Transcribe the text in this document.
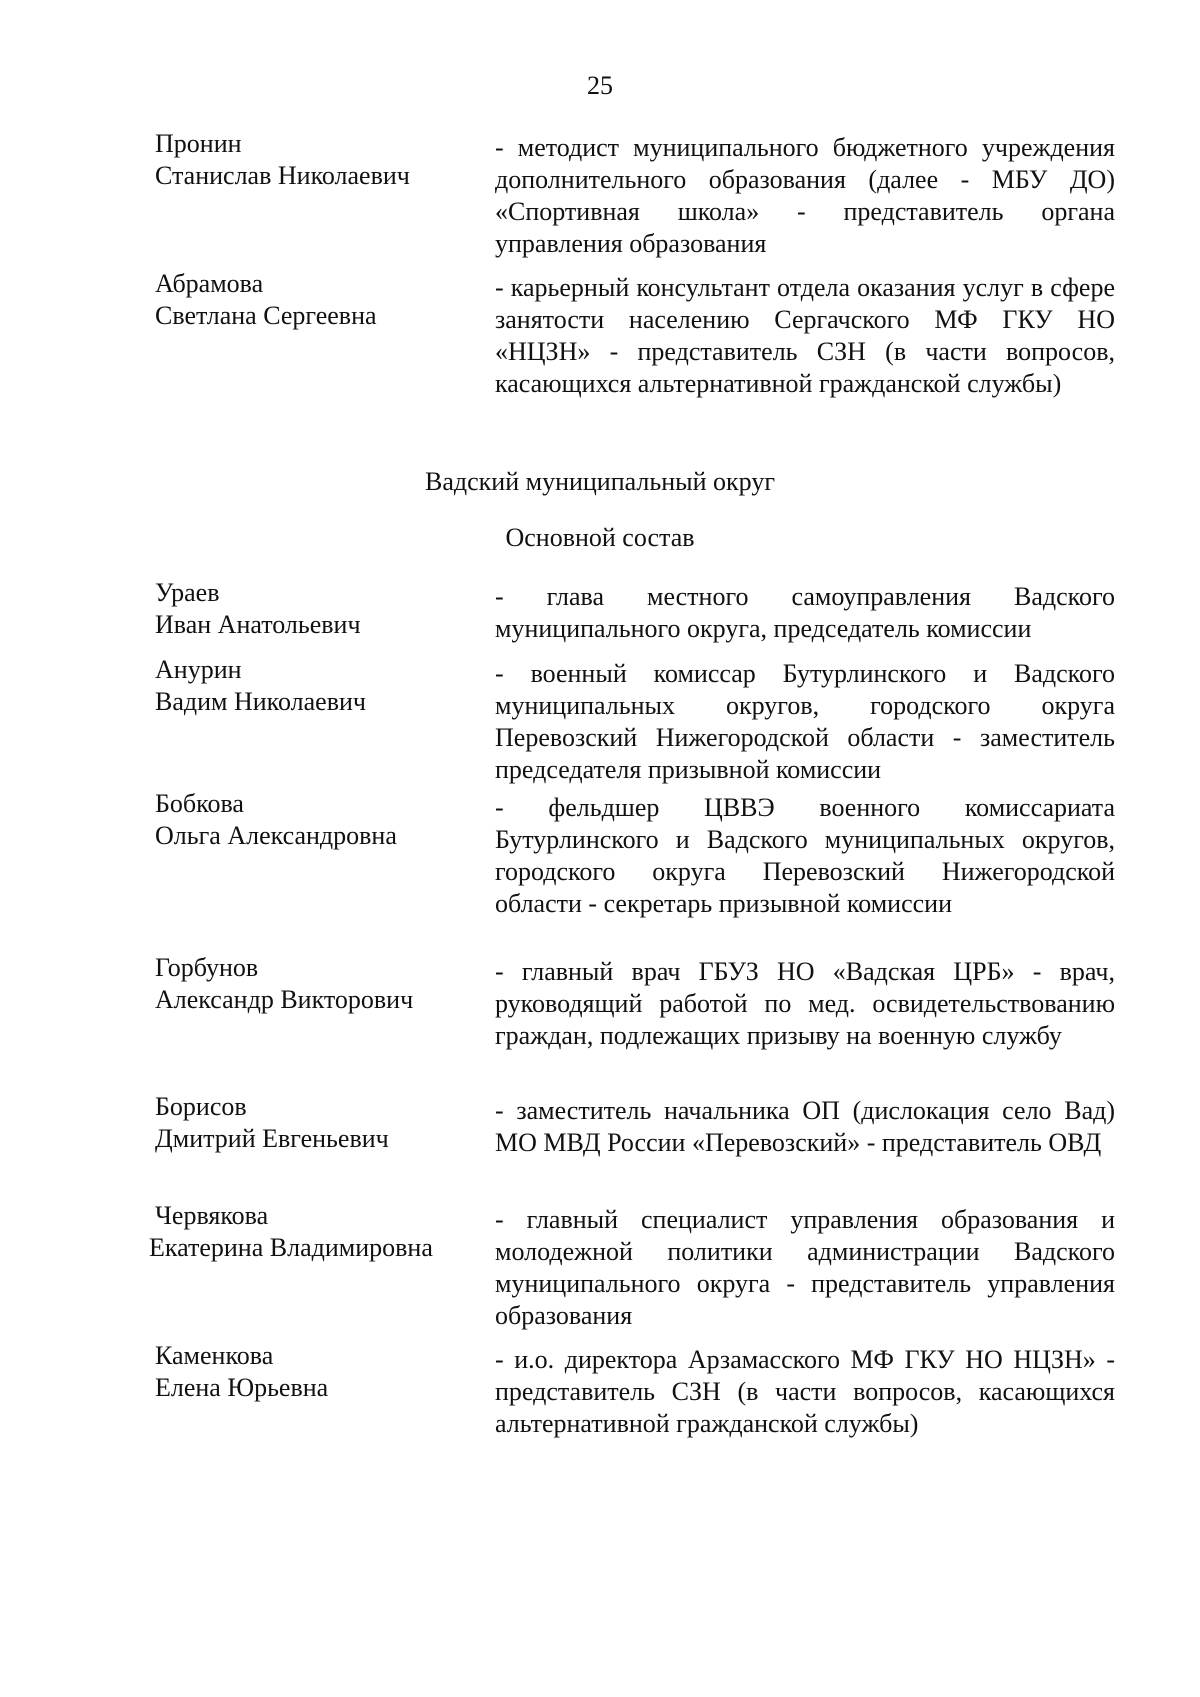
25
Пронин
Станислав Николаевич
- методист муниципального бюджетного учреждения дополнительного образования (далее - МБУ ДО) «Спортивная школа» - представитель органа управления образования
Абрамова
Светлана Сергеевна
- карьерный консультант отдела оказания услуг в сфере занятости населению Сергачского МФ ГКУ НО «НЦЗН» - представитель СЗН (в части вопросов, касающихся альтернативной гражданской службы)
Вадский муниципальный округ
Основной состав
Ураев
Иван Анатольевич
- глава местного самоуправления Вадского муниципального округа, председатель комиссии
Анурин
Вадим Николаевич
- военный комиссар Бутурлинского и Вадского муниципальных округов, городского округа Перевозский Нижегородской области - заместитель председателя призывной комиссии
Бобкова
Ольга Александровна
- фельдшер ЦВВЭ военного комиссариата Бутурлинского и Вадского муниципальных округов, городского округа Перевозский Нижегородской области - секретарь призывной комиссии
Горбунов
Александр Викторович
- главный врач ГБУЗ НО «Вадская ЦРБ» - врач, руководящий работой по мед. освидетельствованию граждан, подлежащих призыву на военную службу
Борисов
Дмитрий Евгеньевич
- заместитель начальника ОП (дислокация село Вад) МО МВД России «Перевозский» - представитель ОВД
Червякова
Екатерина Владимировна
- главный специалист управления образования и молодежной политики администрации Вадского муниципального округа - представитель управления образования
Каменкова
Елена Юрьевна
- и.о. директора Арзамасского МФ ГКУ НО НЦЗН» - представитель СЗН (в части вопросов, касающихся альтернативной гражданской службы)
